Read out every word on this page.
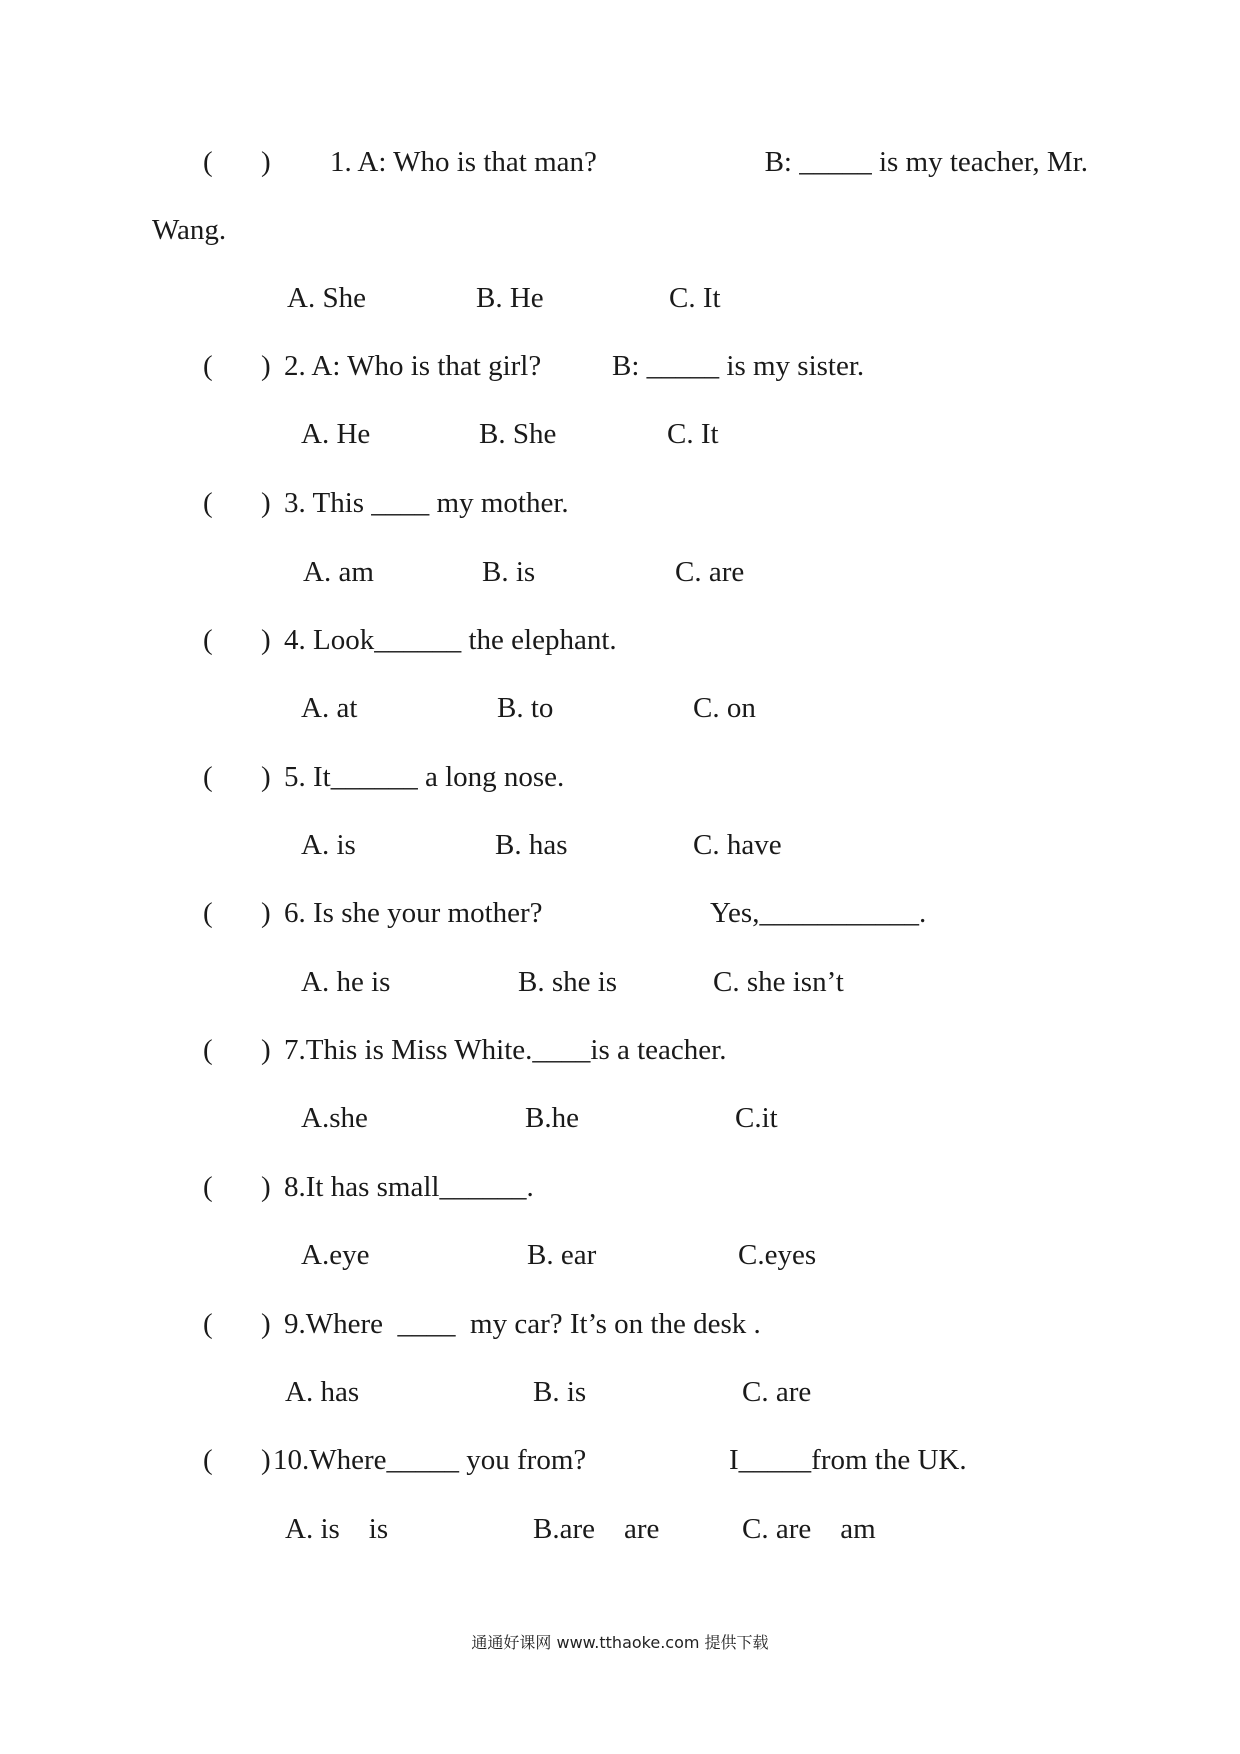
( ) 1. A: Who is that man?	B: _____ is my teacher, Mr.
Wang.
A. She	B. He	C. It
( ) 2. A: Who is that girl? B: _____ is my sister.
A. He	B. She	C. It
( ) 3. This ____ my mother.
A. am	B. is	C. are
( ) 4. Look______ the elephant.
A. at	B. to	C. on
( ) 5. It______ a long nose.
A. is	B. has	C. have
( ) 6. Is she your mother?	Yes,___________.
A. he is	B. she is	C. she isn’t
( ) 7.This is Miss White.____is a teacher.
A.she	B.he	C.it
( ) 8.It has small______.
A.eye	B. ear	C.eyes
( ) 9.Where  ____  my car? It’s on the desk .
A. has	B. is	C. are
( ) 10.Where_____ you from?	I_____from the UK.
A. is    is	B.are    are	C. are    am
通通好课网 www.tthaoke.com 提供下载
